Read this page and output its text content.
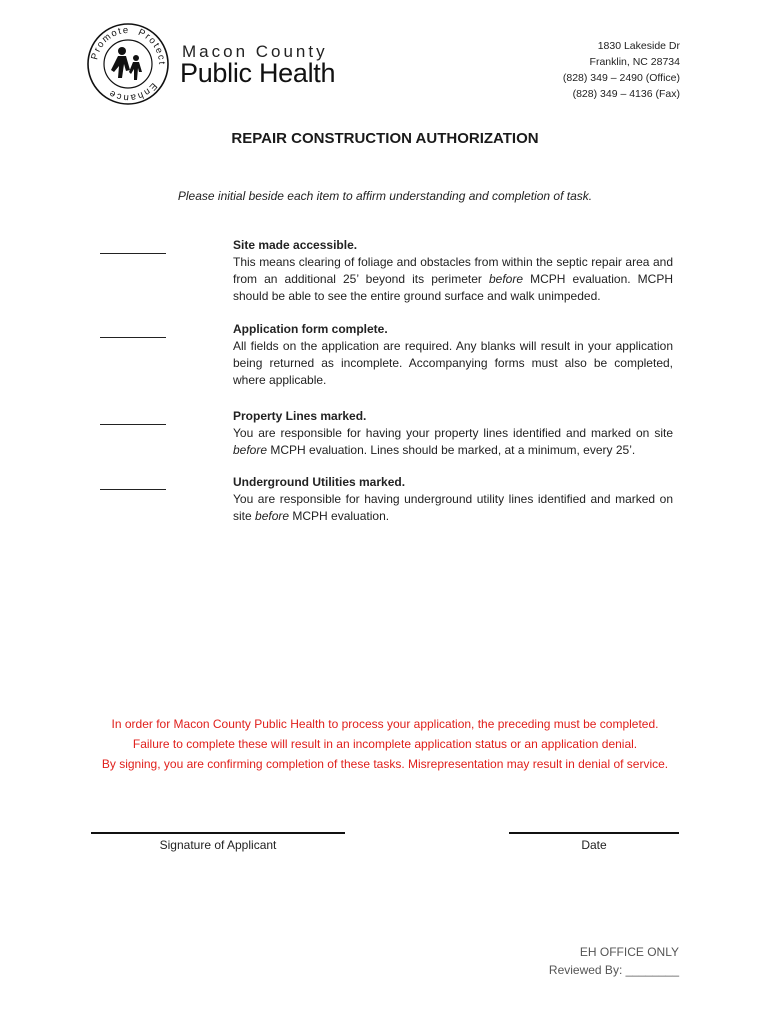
Promote Protect
Enhance
Macon County
Public Health
1830 Lakeside Dr
Franklin, NC 28734
(828) 349 – 2490 (Office)
(828) 349 – 4136 (Fax)
REPAIR CONSTRUCTION AUTHORIZATION
Please initial beside each item to affirm understanding and completion of task.
Site made accessible.
This means clearing of foliage and obstacles from within the septic repair area and from an additional 25’ beyond its perimeter before MCPH evaluation. MCPH should be able to see the entire ground surface and walk unimpeded.
Application form complete.
All fields on the application are required. Any blanks will result in your application being returned as incomplete. Accompanying forms must also be completed, where applicable.
Property Lines marked.
You are responsible for having your property lines identified and marked on site before MCPH evaluation. Lines should be marked, at a minimum, every 25’.
Underground Utilities marked.
You are responsible for having underground utility lines identified and marked on site before MCPH evaluation.
In order for Macon County Public Health to process your application, the preceding must be completed.
Failure to complete these will result in an incomplete application status or an application denial.
By signing, you are confirming completion of these tasks. Misrepresentation may result in denial of service.
Signature of Applicant	Date
EH OFFICE ONLY
Reviewed By: ________
